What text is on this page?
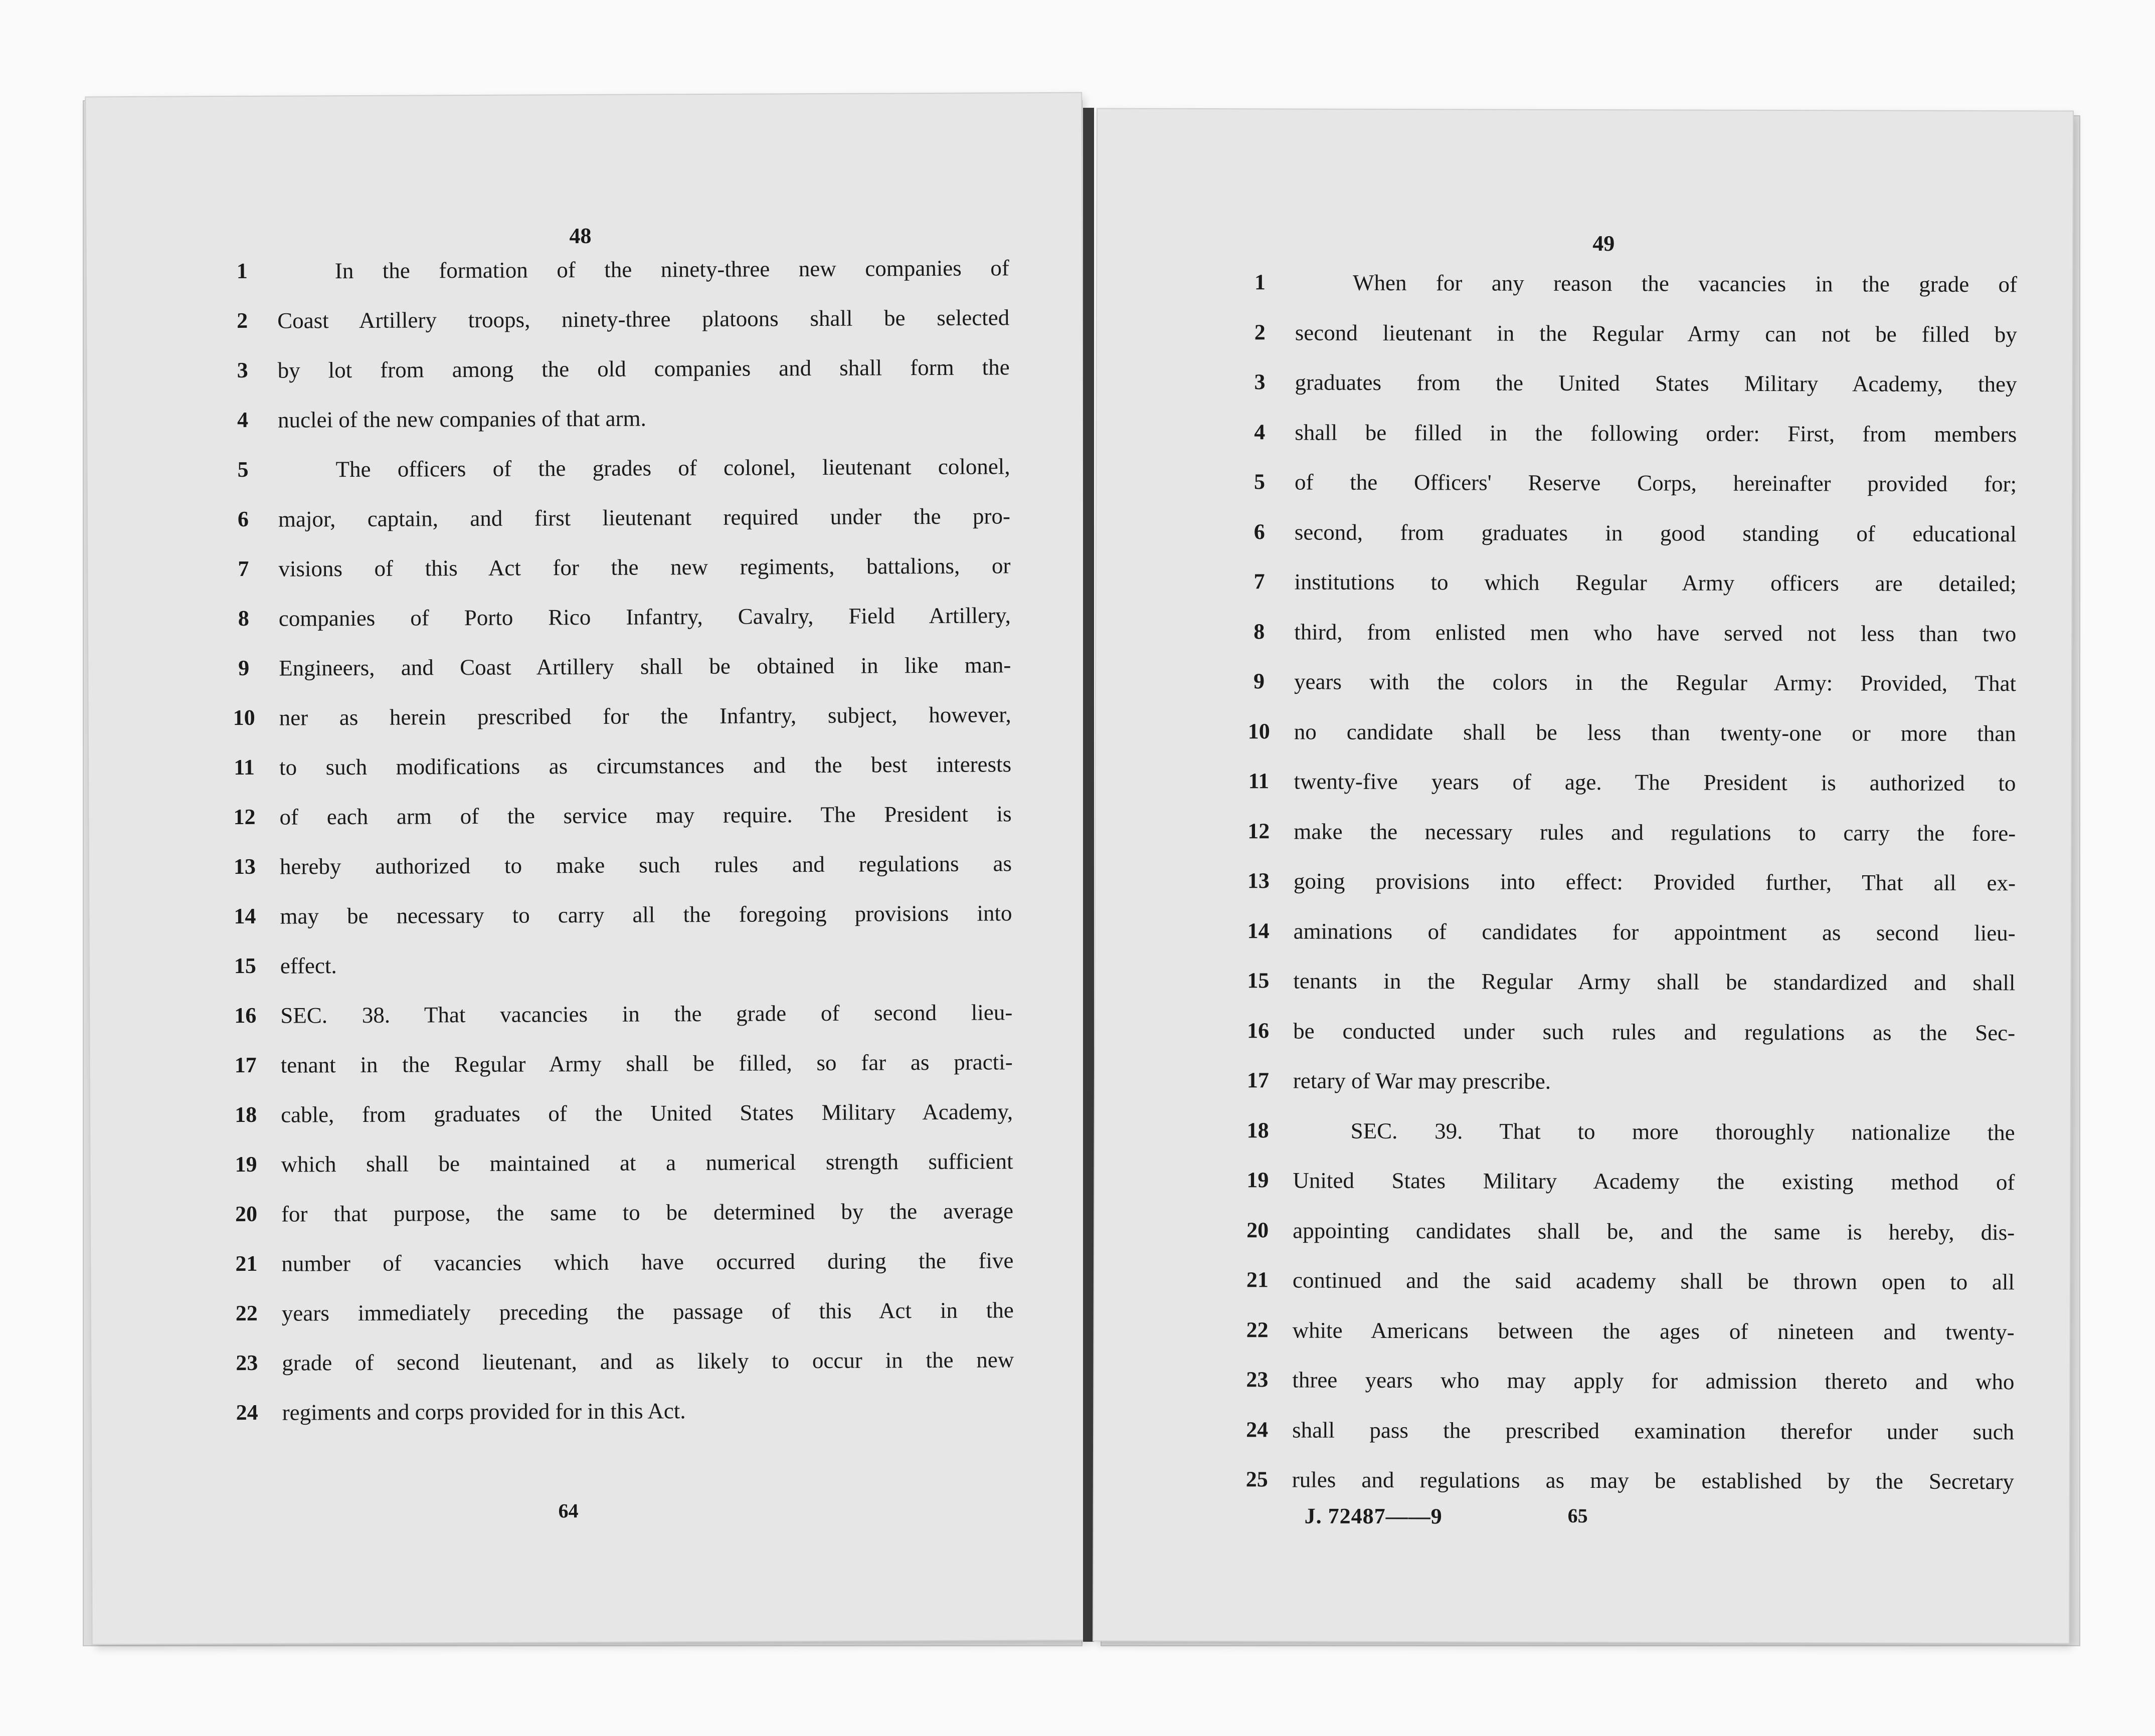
48
1	In the formation of the ninety-three new companies of
2	Coast Artillery troops, ninety-three platoons shall be selected
3	by lot from among the old companies and shall form the
4	nuclei of the new companies of that arm.
5	The officers of the grades of colonel, lieutenant colonel,
6	major, captain, and first lieutenant required under the pro-
7	visions of this Act for the new regiments, battalions, or
8	companies of Porto Rico Infantry, Cavalry, Field Artillery,
9	Engineers, and Coast Artillery shall be obtained in like man-
10	ner as herein prescribed for the Infantry, subject, however,
11	to such modifications as circumstances and the best interests
12	of each arm of the service may require. The President is
13	hereby authorized to make such rules and regulations as
14	may be necessary to carry all the foregoing provisions into
15	effect.
16	SEC. 38. That vacancies in the grade of second lieu-
17	tenant in the Regular Army shall be filled, so far as practi-
18	cable, from graduates of the United States Military Academy,
19	which shall be maintained at a numerical strength sufficient
20	for that purpose, the same to be determined by the average
21	number of vacancies which have occurred during the five
22	years immediately preceding the passage of this Act in the
23	grade of second lieutenant, and as likely to occur in the new
24	regiments and corps provided for in this Act.
64
49
1	When for any reason the vacancies in the grade of
2	second lieutenant in the Regular Army can not be filled by
3	graduates from the United States Military Academy, they
4	shall be filled in the following order: First, from members
5	of the Officers' Reserve Corps, hereinafter provided for;
6	second, from graduates in good standing of educational
7	institutions to which Regular Army officers are detailed;
8	third, from enlisted men who have served not less than two
9	years with the colors in the Regular Army: Provided, That
10	no candidate shall be less than twenty-one or more than
11	twenty-five years of age. The President is authorized to
12	make the necessary rules and regulations to carry the fore-
13	going provisions into effect: Provided further, That all ex-
14	aminations of candidates for appointment as second lieu-
15	tenants in the Regular Army shall be standardized and shall
16	be conducted under such rules and regulations as the Sec-
17	retary of War may prescribe.
18	SEC. 39. That to more thoroughly nationalize the
19	United States Military Academy the existing method of
20	appointing candidates shall be, and the same is hereby, dis-
21	continued and the said academy shall be thrown open to all
22	white Americans between the ages of nineteen and twenty-
23	three years who may apply for admission thereto and who
24	shall pass the prescribed examination therefor under such
25	rules and regulations as may be established by the Secretary
J. 72487——9	65
